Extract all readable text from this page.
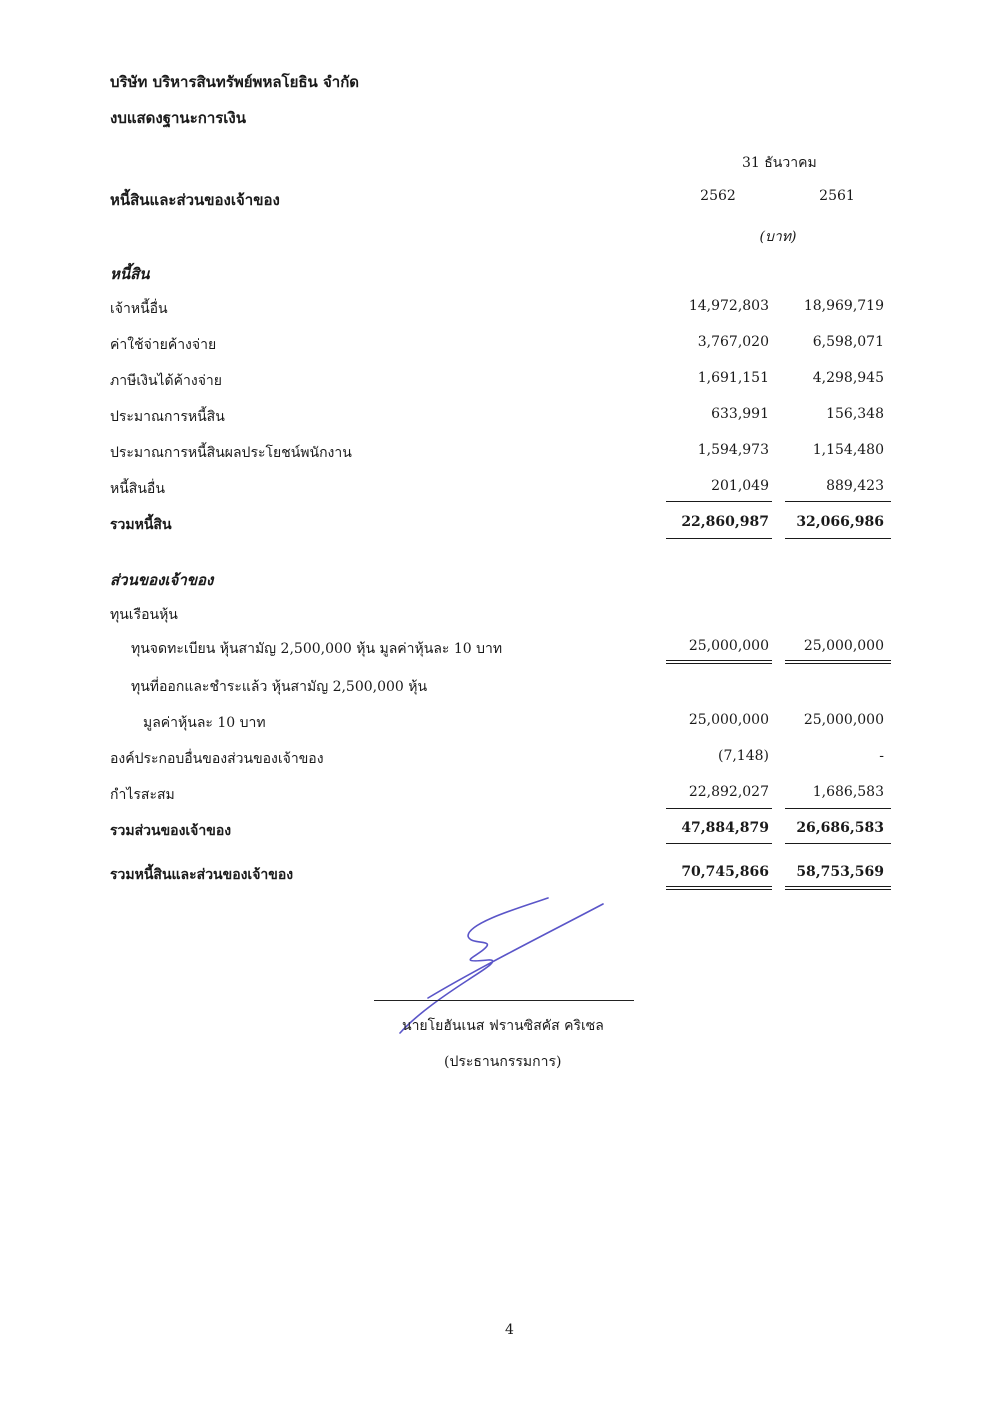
บริษัท บริหารสินทรัพย์พหลโยธิน จำกัด
งบแสดงฐานะการเงิน
31 ธันวาคม
หนี้สินและส่วนของเจ้าของ	2562	2561
(บาท)
หนี้สิน
เจ้าหนี้อื่น	14,972,803	18,969,719
ค่าใช้จ่ายค้างจ่าย	3,767,020	6,598,071
ภาษีเงินได้ค้างจ่าย	1,691,151	4,298,945
ประมาณการหนี้สิน	633,991	156,348
ประมาณการหนี้สินผลประโยชน์พนักงาน	1,594,973	1,154,480
หนี้สินอื่น	201,049	889,423
รวมหนี้สิน	22,860,987	32,066,986
ส่วนของเจ้าของ
ทุนเรือนหุ้น
ทุนจดทะเบียน หุ้นสามัญ 2,500,000 หุ้น มูลค่าหุ้นละ 10 บาท	25,000,000	25,000,000
ทุนที่ออกและชำระแล้ว หุ้นสามัญ 2,500,000 หุ้น
มูลค่าหุ้นละ 10 บาท	25,000,000	25,000,000
องค์ประกอบอื่นของส่วนของเจ้าของ	(7,148)	-
กำไรสะสม	22,892,027	1,686,583
รวมส่วนของเจ้าของ	47,884,879	26,686,583
รวมหนี้สินและส่วนของเจ้าของ	70,745,866	58,753,569
นายโยฮันเนส ฟรานซิสคัส คริเซล
(ประธานกรรมการ)
4
